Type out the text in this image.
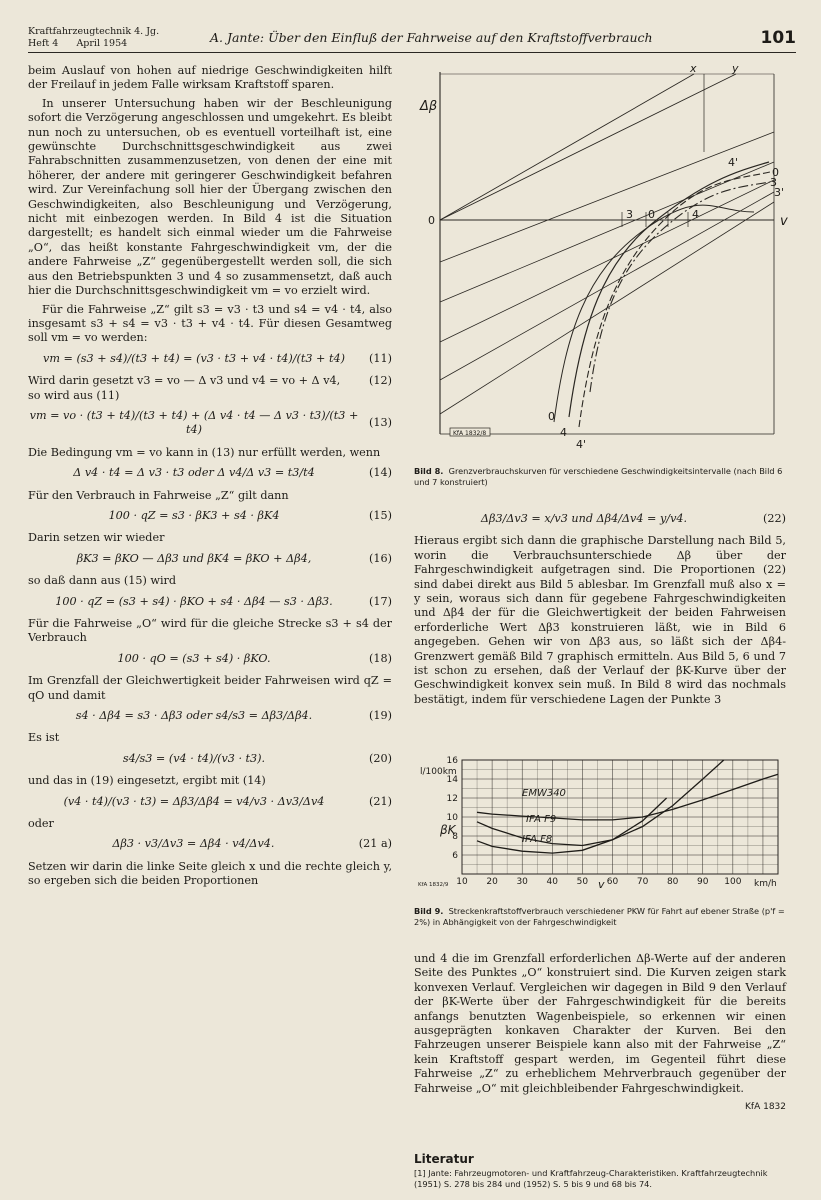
Kraftfahrzeugtechnik 4. Jg.
Heft 4 April 1954	A. Jante: Über den Einfluß der Fahrweise auf den Kraftstoffverbrauch	101

beim Auslauf von hohen auf niedrige Geschwindigkeiten hilft der Freilauf in jedem Falle wirksam Kraftstoff sparen.

In unserer Untersuchung haben wir der Beschleunigung sofort die Verzögerung angeschlossen und umgekehrt. Es bleibt nun noch zu untersuchen, ob es eventuell vorteilhaft ist, eine gewünschte Durchschnittsgeschwindigkeit aus zwei Fahrabschnitten zusammenzusetzen, von denen der eine mit höherer, der andere mit geringerer Geschwindigkeit befahren wird. Zur Vereinfachung soll hier der Übergang zwischen den Geschwindigkeiten, also Beschleunigung und Verzögerung, nicht mit einbezogen werden. In Bild 4 ist die Situation dargestellt; es handelt sich einmal wieder um die Fahrweise „O“, das heißt konstante Fahrgeschwindigkeit vm, der die andere Fahrweise „Z“ gegenübergestellt werden soll, die sich aus den Betriebspunkten 3 und 4 so zusammensetzt, daß auch hier die Durchschnittsgeschwindigkeit vm = vo erzielt wird.

Für die Fahrweise „Z“ gilt s3 = v3 · t3 und s4 = v4 · t4, also insgesamt s3 + s4 = v3 · t3 + v4 · t4. Für diesen Gesamtweg soll vm = vo werden:

vm = (s3 + s4)/(t3 + t4) = (v3 · t3 + v4 · t4)/(t3 + t4)	(11)
Wird darin gesetzt v3 = vo — Δ v3 und v4 = vo + Δ v4,	(12)

so wird aus (11)

vm = vo · (t3 + t4)/(t3 + t4) + (Δ v4 · t4 — Δ v3 · t3)/(t3 + t4)
(13)

Die Bedingung vm = vo kann in (13) nur erfüllt werden, wenn

Δ v4 · t4 = Δ v3 · t3 oder Δ v4/Δ v3 = t3/t4	(14)

Für den Verbrauch in Fahrweise „Z“ gilt dann

100 · qZ = s3 · βK3 + s4 · βK4	(15)

Darin setzen wir wieder

βK3 = βKO — Δβ3 und βK4 = βKO + Δβ4,	(16)

so daß dann aus (15) wird

100 · qZ = (s3 + s4) · βKO + s4 · Δβ4 — s3 · Δβ3.	(17)

Für die Fahrweise „O“ wird für die gleiche Strecke s3 + s4 der Verbrauch

100 · qO = (s3 + s4) · βKO.	(18)

Im Grenzfall der Gleichwertigkeit beider Fahrweisen wird qZ = qO und damit

s4 · Δβ4 = s3 · Δβ3 oder s4/s3 = Δβ3/Δβ4.	(19)

Es ist

s4/s3 = (v4 · t4)/(v3 · t3).	(20)

und das in (19) eingesetzt, ergibt mit (14)

(v4 · t4)/(v3 · t3) = Δβ3/Δβ4 = v4/v3 · Δv3/Δv4	(21)

oder

Δβ3 · v3/Δv3 = Δβ4 · v4/Δv4.	(21 a)

Setzen wir darin die linke Seite gleich x und die rechte gleich y, so ergeben sich die beiden Proportionen

Δβ
v
0
x	y
3 0	4
4'
0
3
3'
0
4
4'
KfA 1832/8
Bild 8. Grenzverbrauchskurven für verschiedene Geschwindigkeitsintervalle (nach Bild 6 und 7 konstruiert)
Δβ3/Δv3 = x/v3 und Δβ4/Δv4 = y/v4.	(22)

Hieraus ergibt sich dann die graphische Darstellung nach Bild 5, worin die Verbrauchsunterschiede Δβ über der Fahrgeschwindigkeit aufgetragen sind. Die Proportionen (22) sind dabei direkt aus Bild 5 ablesbar. Im Grenzfall muß also x = y sein, woraus sich dann für gegebene Fahrgeschwindigkeiten und Δβ4 der für die Gleichwertigkeit der beiden Fahrweisen erforderliche Wert Δβ3 konstruieren läßt, wie in Bild 6 angegeben. Gehen wir von Δβ3 aus, so läßt sich der Δβ4-Grenzwert gemäß Bild 7 graphisch ermitteln. Aus Bild 5, 6 und 7 ist schon zu ersehen, daß der Verlauf der βK-Kurve über der Geschwindigkeit konvex sein muß. In Bild 8 wird das nochmals bestätigt, indem für verschiedene Lagen der Punkte 3

10 20 30 40 50 60 70 80 90 100
6
8
10
12
14
16
l/100km
βK
v	km/h
EMW340
IFA F9
IFA F8
KfA 1832/9
Bild 9. Streckenkraftstoffverbrauch verschiedener PKW für Fahrt auf ebener Straße (p'f = 2%) in Abhängigkeit von der Fahrgeschwindigkeit

und 4 die im Grenzfall erforderlichen Δβ-Werte auf der anderen Seite des Punktes „O“ konstruiert sind. Die Kurven zeigen stark konvexen Verlauf. Vergleichen wir dagegen in Bild 9 den Verlauf der βK-Werte über der Fahrgeschwindigkeit für die bereits anfangs benutzten Wagenbeispiele, so erkennen wir einen ausgeprägten konkaven Charakter der Kurven. Bei den Fahrzeugen unserer Beispiele kann also mit der Fahrweise „Z“ kein Kraftstoff gespart werden, im Gegenteil führt diese Fahrweise „Z“ zu erheblichem Mehrverbrauch gegenüber der Fahrweise „O“ mit gleichbleibender Fahrgeschwindigkeit.

KfA 1832
Literatur
[1] Jante: Fahrzeugmotoren- und Kraftfahrzeug-Charakteristiken. Kraftfahrzeugtechnik (1951) S. 278 bis 284 und (1952) S. 5 bis 9 und 68 bis 74.
